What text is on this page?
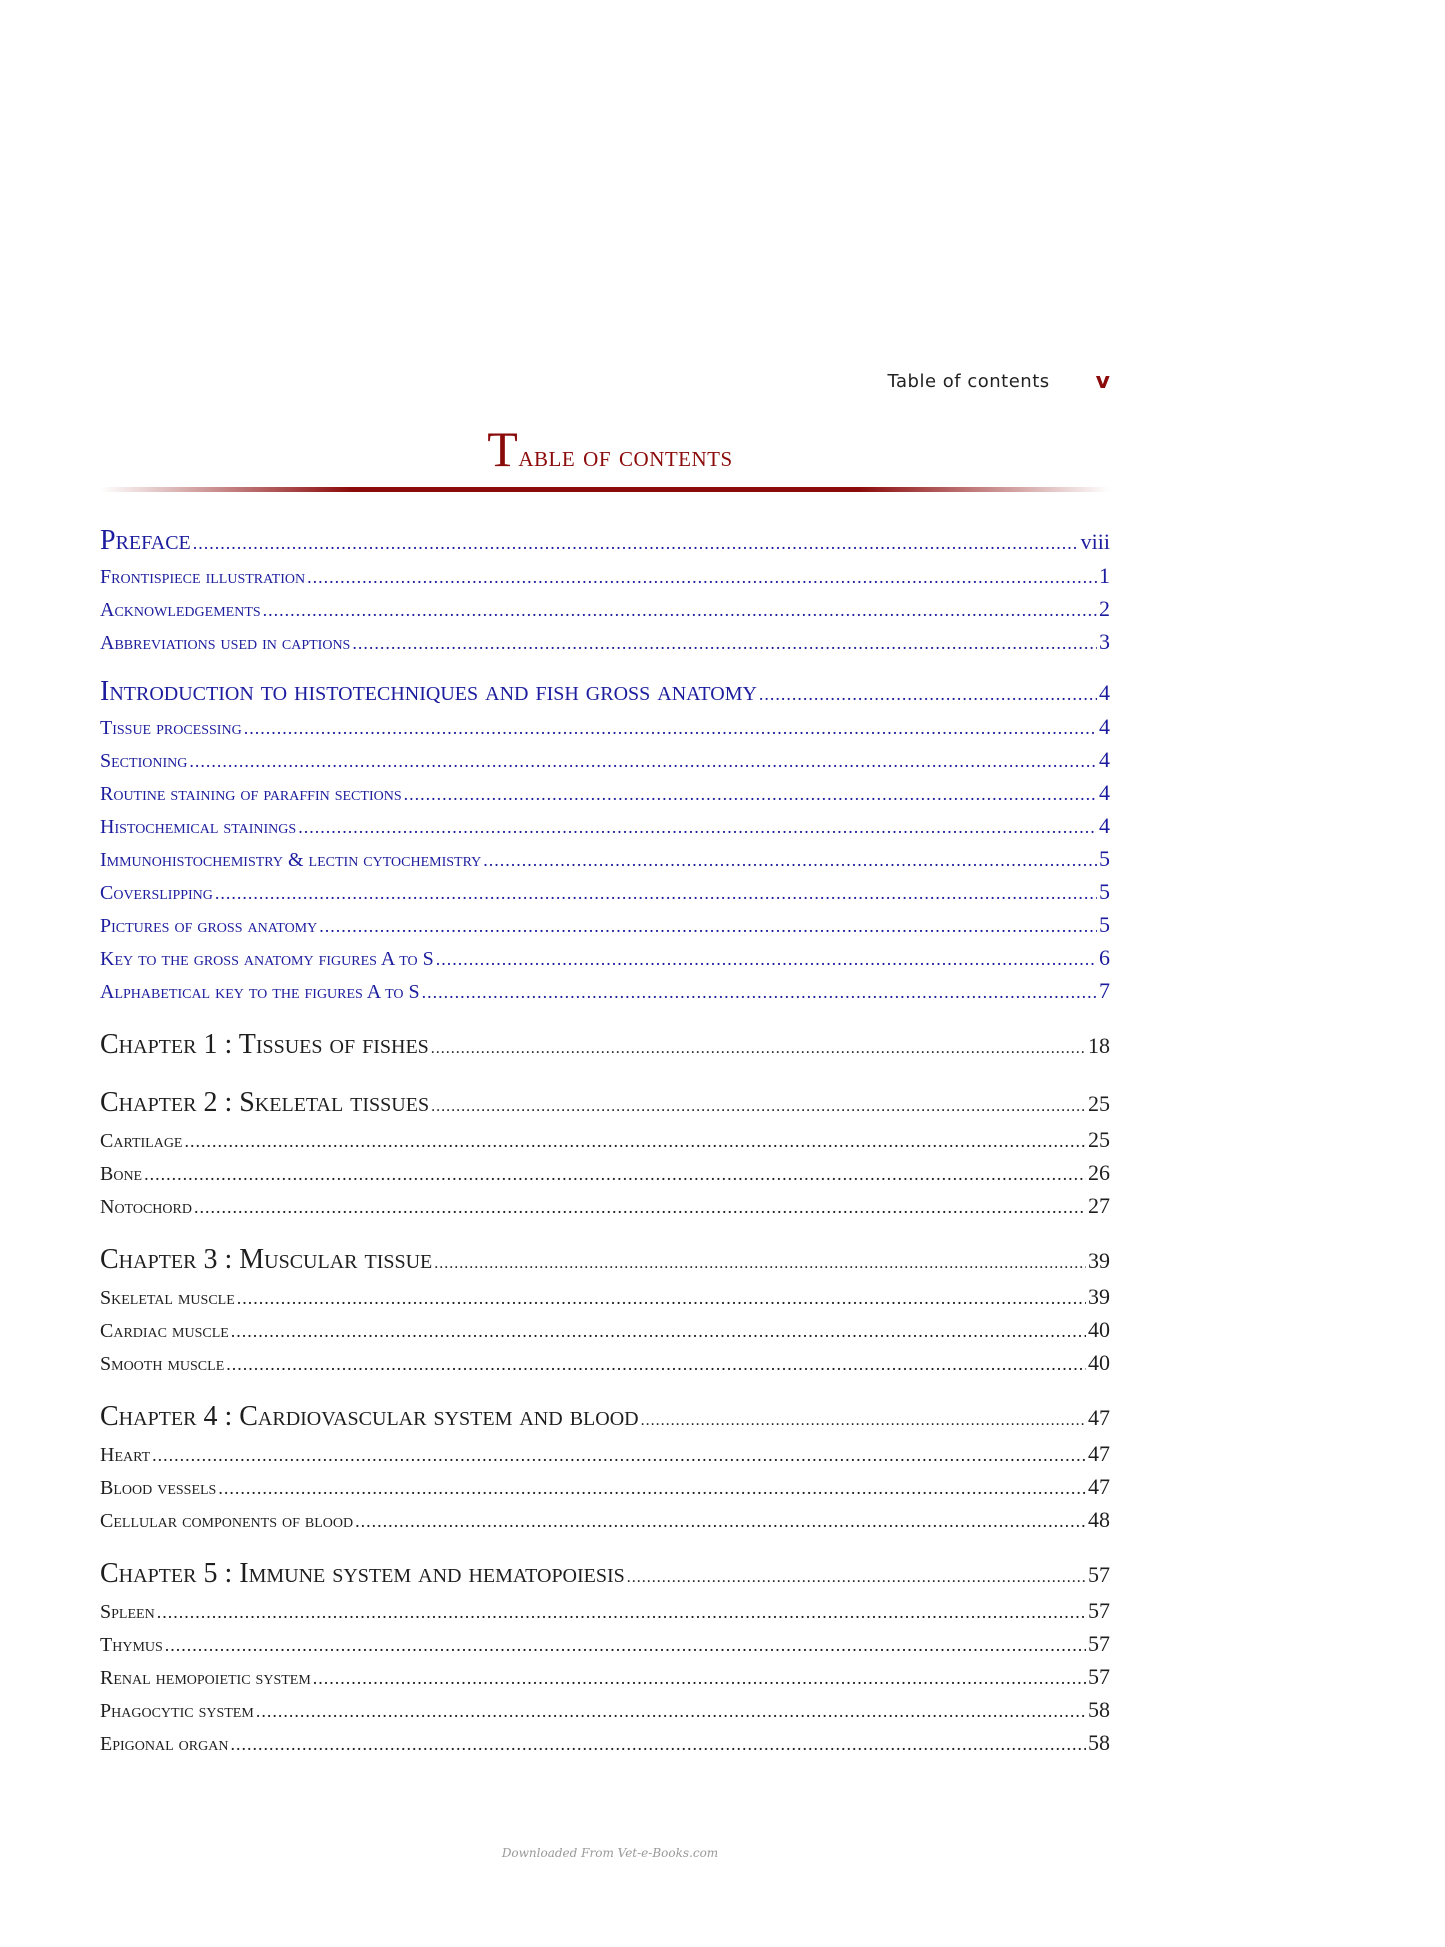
Table of contents v
Table of contents
Preface .....	viii
Frontispiece illustration .....	1
Acknowledgements .....	2
Abbreviations used in captions .....	3
Introduction to histotechniques and fish gross anatomy .....	4
Tissue processing .....	4
Sectioning .....	4
Routine staining of paraffin sections .....	4
Histochemical stainings .....	4
Immunohistochemistry & lectin cytochemistry .....	5
Coverslipping .....	5
Pictures of gross anatomy .....	5
Key to the gross anatomy figures A to S .....	6
Alphabetical key to the figures A to S .....	7
Chapter 1 : Tissues of fishes .....	18
Chapter 2 : Skeletal tissues .....	25
Cartilage .....	25
Bone .....	26
Notochord .....	27
Chapter 3 : Muscular tissue .....	39
Skeletal muscle .....	39
Cardiac muscle .....	40
Smooth muscle .....	40
Chapter 4 : Cardiovascular system and blood .....	47
Heart .....	47
Blood vessels .....	47
Cellular components of blood .....	48
Chapter 5 : Immune system and hematopoiesis .....	57
Spleen .....	57
Thymus .....	57
Renal hemopoietic system .....	57
Phagocytic system .....	58
Epigonal organ .....	58
Downloaded From Vet-e-Books.com
